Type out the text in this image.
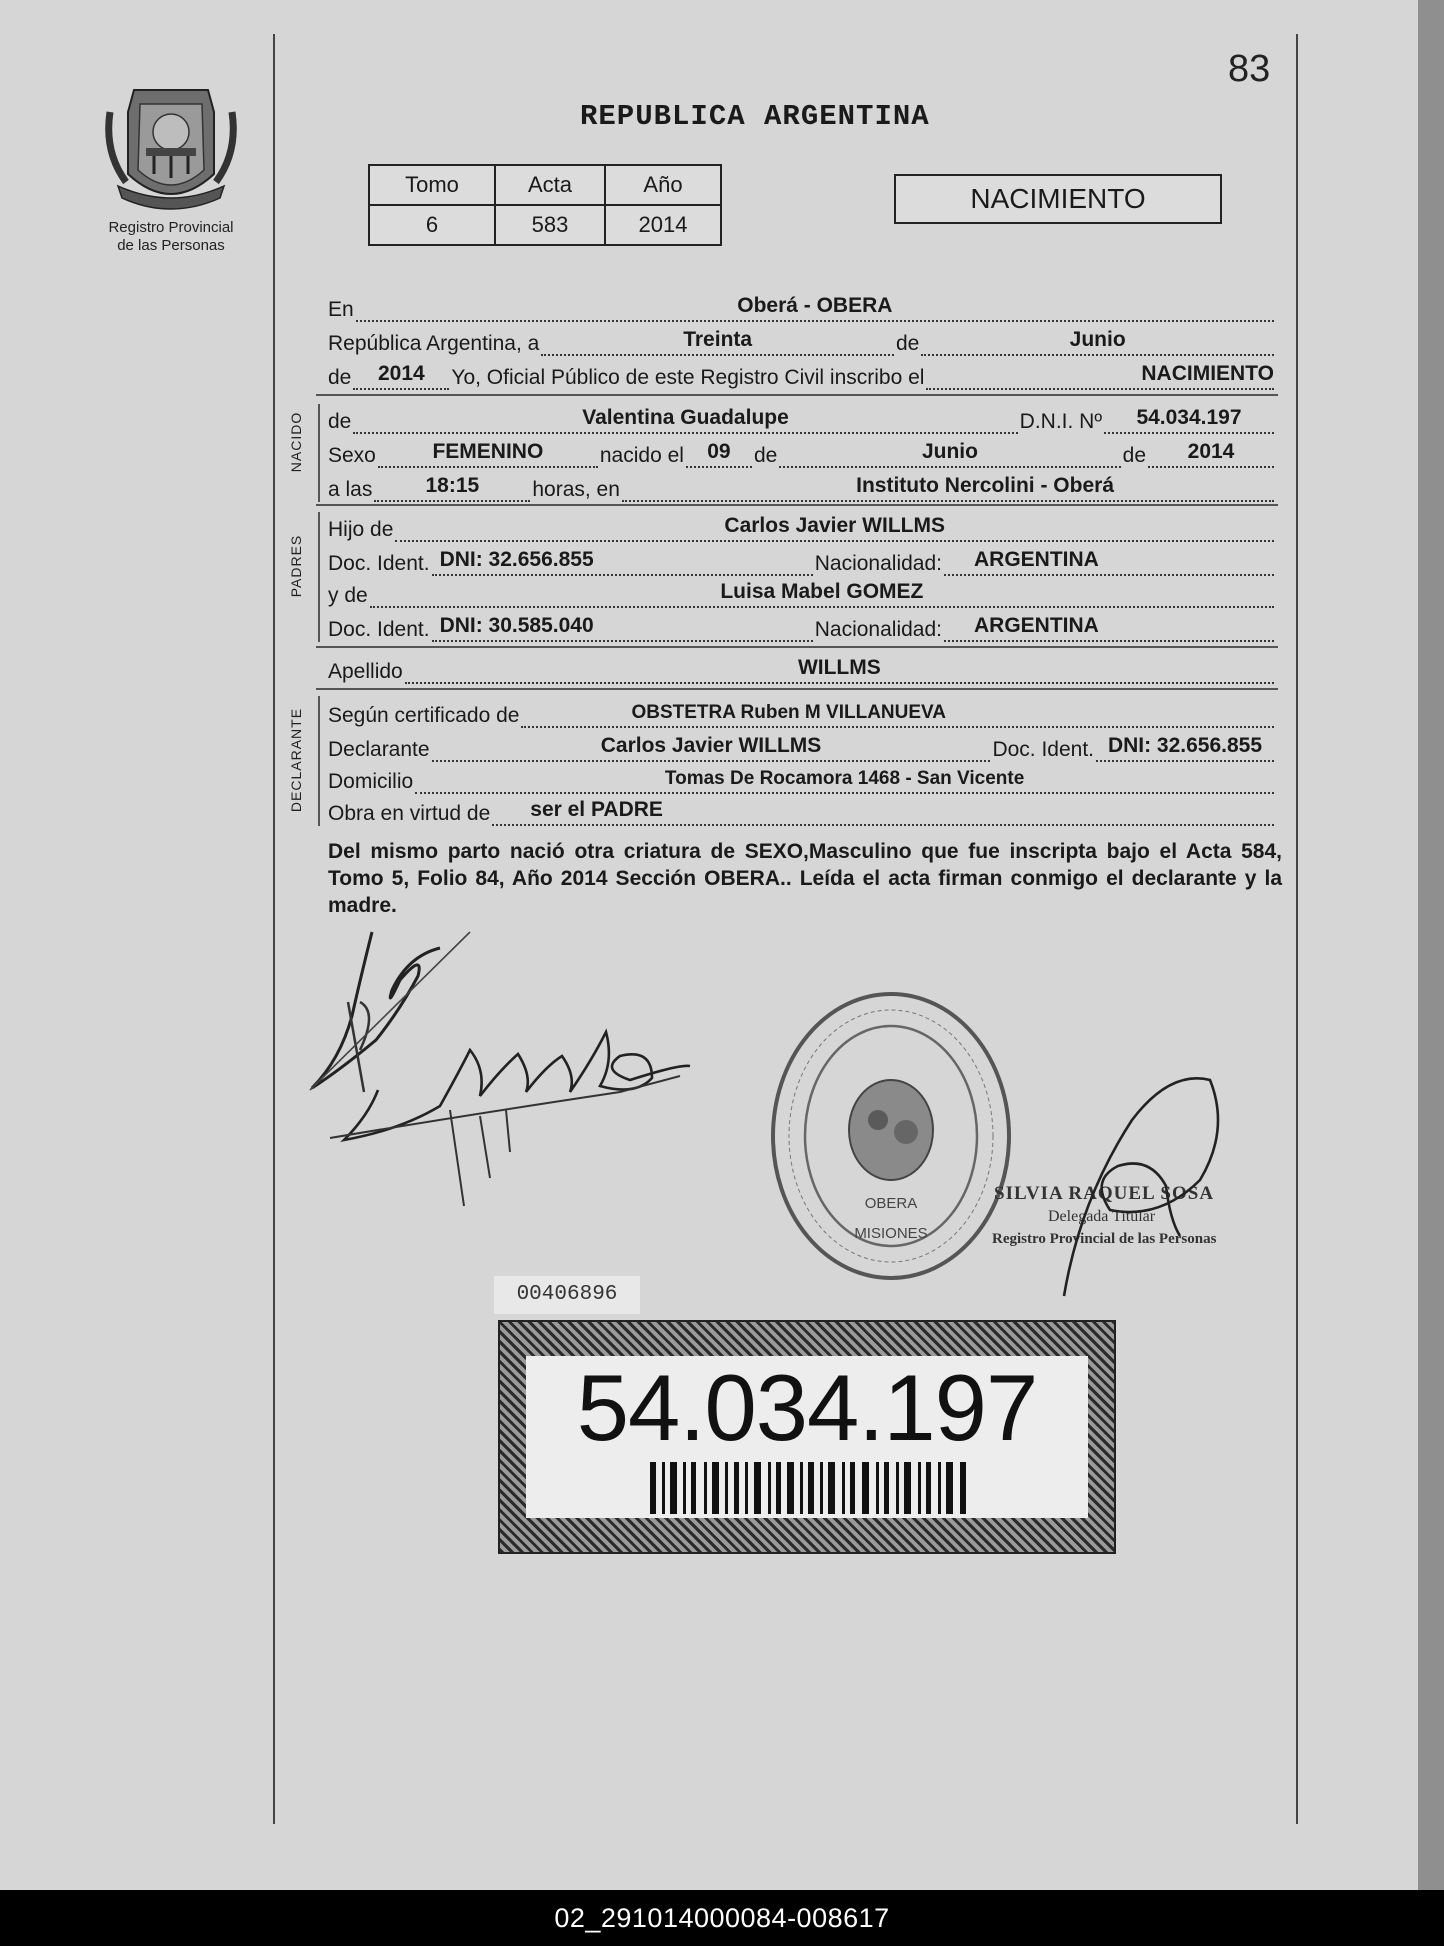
Registro Provincial
de las Personas
83
REPUBLICA ARGENTINA
Tomo	Acta	Año
6	583	2014
NACIMIENTO
En	Oberá - OBERA
República Argentina, a	Treinta	de	Junio
de	2014	Yo, Oficial Público de este Registro Civil inscribo el	NACIMIENTO
NACIDO de	Valentina Guadalupe	D.N.I. Nº	54.034.197
Sexo	FEMENINO	nacido el	09	de	Junio	de	2014
a las	18:15	horas, en	Instituto Nercolini - Oberá
PADRES
Hijo de	Carlos Javier WILLMS
Doc. Ident. DNI: 32.656.855	Nacionalidad:	ARGENTINA
y de	Luisa Mabel GOMEZ
Doc. Ident. DNI: 30.585.040	Nacionalidad:	ARGENTINA
Apellido	WILLMS
DECLARANTE Según certificado de	OBSTETRA Ruben M VILLANUEVA
Declarante	Carlos Javier WILLMS	Doc. Ident. DNI: 32.656.855
Domicilio	Tomas De Rocamora 1468 - San Vicente
Obra en virtud de	ser el PADRE
Del mismo parto nació otra criatura de SEXO,Masculino que fue inscripta bajo el Acta 584, Tomo 5, Folio 84, Año 2014 Sección OBERA.. Leída el acta firman conmigo el declarante y la madre.
OBERA
MISIONES
SILVIA RAQUEL SOSA
Delegada Titular
Registro Provincial de las Personas
00406896
54.034.197
02_291014000084-008617
